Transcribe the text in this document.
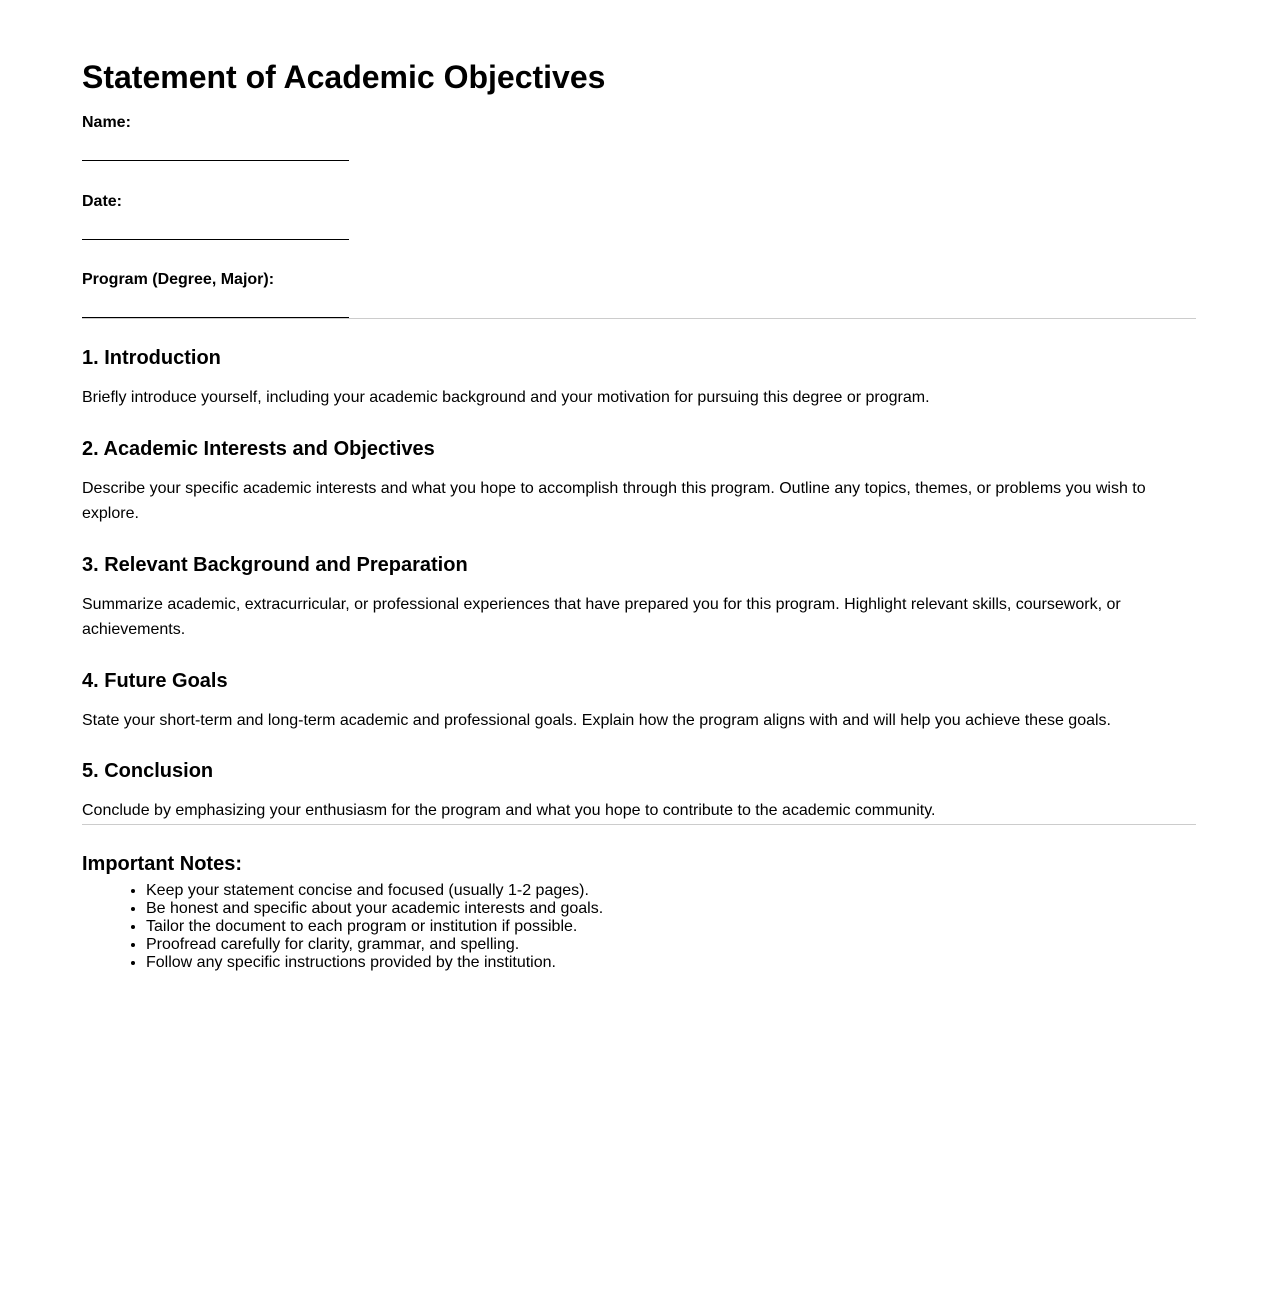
Statement of Academic Objectives
Name:
Date:
Program (Degree, Major):
1. Introduction

Briefly introduce yourself, including your academic background and your motivation for pursuing this degree or program.

2. Academic Interests and Objectives

Describe your specific academic interests and what you hope to accomplish through this program. Outline any topics, themes, or problems you wish to explore.

3. Relevant Background and Preparation

Summarize academic, extracurricular, or professional experiences that have prepared you for this program. Highlight relevant skills, coursework, or achievements.

4. Future Goals

State your short-term and long-term academic and professional goals. Explain how the program aligns with and will help you achieve these goals.

5. Conclusion

Conclude by emphasizing your enthusiasm for the program and what you hope to contribute to the academic community.

Important Notes:
• Keep your statement concise and focused (usually 1-2 pages).
• Be honest and specific about your academic interests and goals.
• Tailor the document to each program or institution if possible.
• Proofread carefully for clarity, grammar, and spelling.
• Follow any specific instructions provided by the institution.
